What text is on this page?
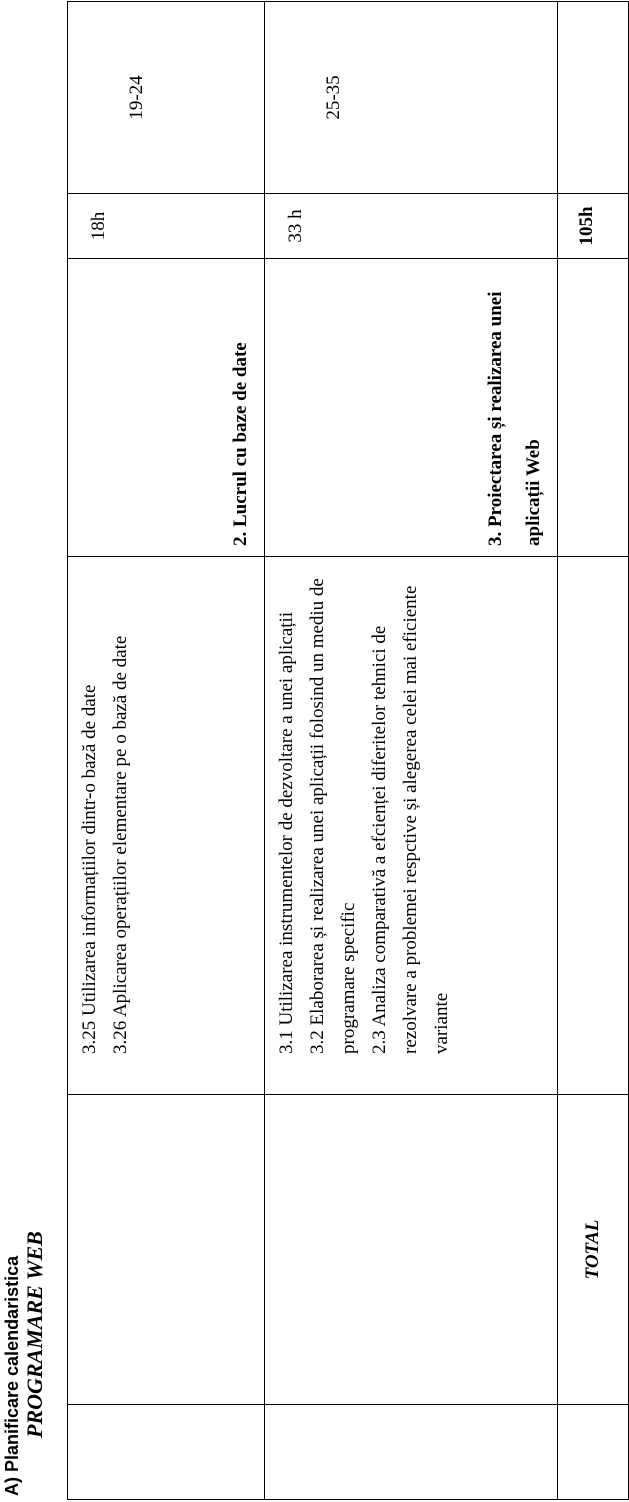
A) Planificare calendaristica PROGRAMARE WEB

		3.25 Utilizarea informațiilor dintr-o bază de date 3.26 Aplicarea operațiilor elementare pe o bază de date	2. Lucrul cu baze de date	18h	19-24

		3.1 Utilizarea instrumentelor de dezvoltare a unei aplicații 3.2 Elaborarea și realizarea unei aplicații folosind un mediu de programare specific 2.3 Analiza comparativă a efcienței diferitelor tehnici de rezolvare a problemei respctive și alegerea celei mai eficiente variante	3. Proiectarea și realizarea unei aplicații Web	33 h	25-35
	TOTAL			105h	
